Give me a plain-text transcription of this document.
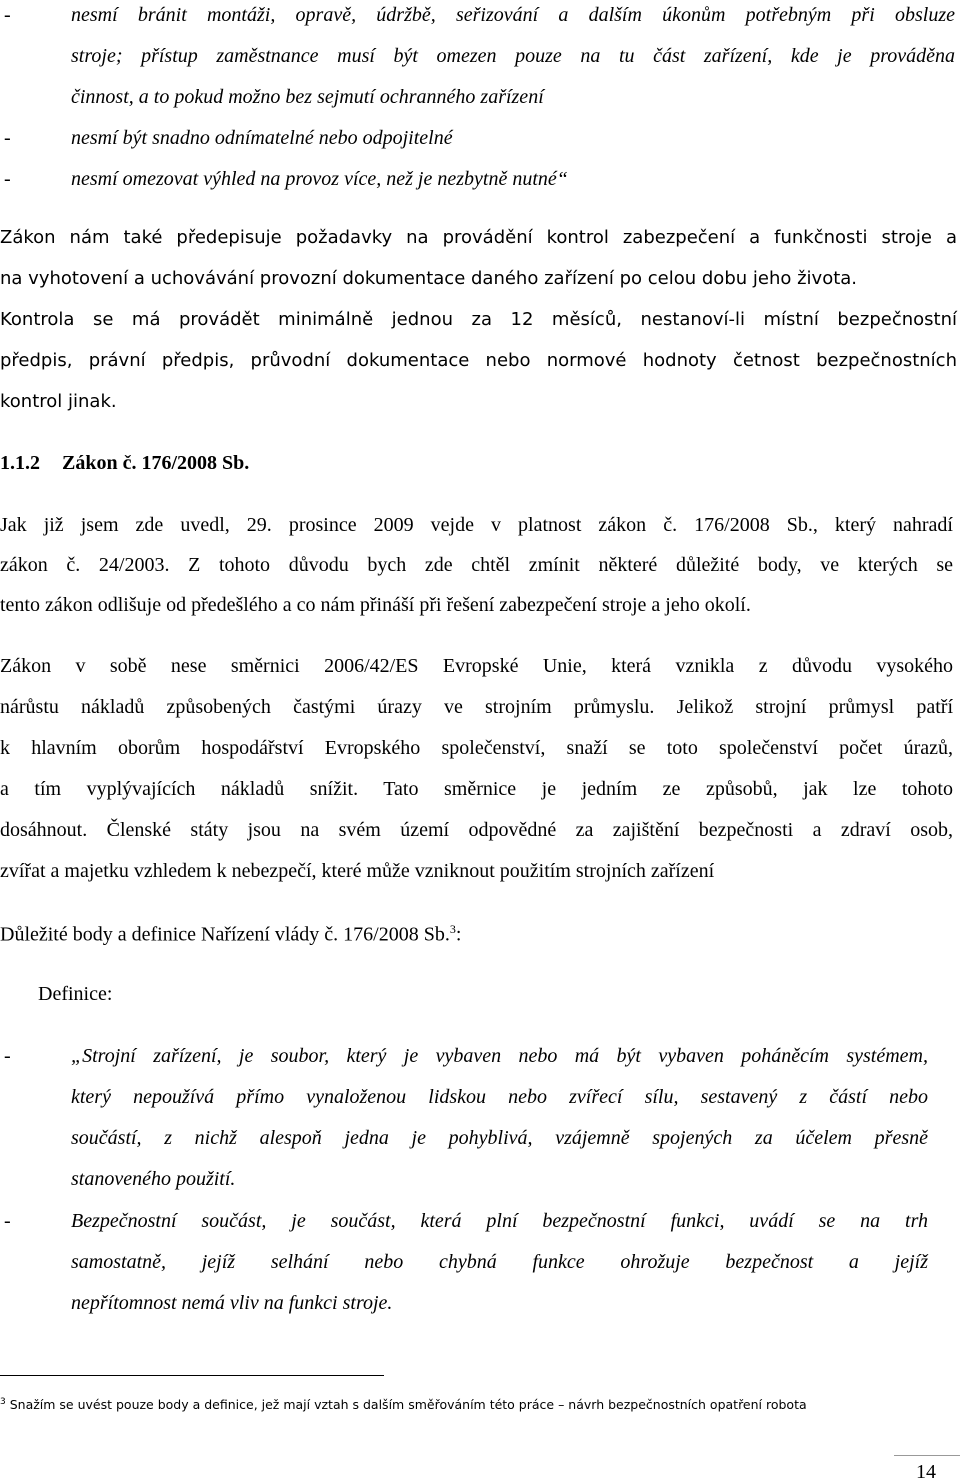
-	nesmí bránit montáži, opravě, údržbě, seřizování a dalším úkonům potřebným při obsluze
stroje; přístup zaměstnance musí být omezen pouze na tu část zařízení, kde je prováděna
činnost, a to pokud možno bez sejmutí ochranného zařízení
-	nesmí být snadno odnímatelné nebo odpojitelné
-	nesmí omezovat výhled na provoz více, než je nezbytně nutné“
Zákon nám také předepisuje požadavky na provádění kontrol zabezpečení a funkčnosti stroje a
na vyhotovení a uchovávání provozní dokumentace daného zařízení po celou dobu jeho života.
Kontrola se má provádět minimálně jednou za 12 měsíců, nestanoví-li místní bezpečnostní
předpis, právní předpis, průvodní dokumentace nebo normové hodnoty četnost bezpečnostních
kontrol jinak.
1.1.2 Zákon č. 176/2008 Sb.
Jak již jsem zde uvedl, 29. prosince 2009 vejde v platnost zákon č. 176/2008 Sb., který nahradí
zákon č. 24/2003. Z tohoto důvodu bych zde chtěl zmínit některé důležité body, ve kterých se
tento zákon odlišuje od předešlého a co nám přináší při řešení zabezpečení stroje a jeho okolí.
Zákon v sobě nese směrnici 2006/42/ES Evropské Unie, která vznikla z důvodu vysokého
nárůstu nákladů způsobených častými úrazy ve strojním průmyslu. Jelikož strojní průmysl patří
k hlavním oborům hospodářství Evropského společenství, snaží se toto společenství počet úrazů,
a tím vyplývajících nákladů snížit. Tato směrnice je jedním ze způsobů, jak lze tohoto
dosáhnout. Členské státy jsou na svém území odpovědné za zajištění bezpečnosti a zdraví osob,
zvířat a majetku vzhledem k nebezpečí, které může vzniknout použitím strojních zařízení
Důležité body a definice Nařízení vlády č. 176/2008 Sb.$^3$:
Definice:
-	„Strojní zařízení, je soubor, který je vybaven nebo má být vybaven poháněcím systémem,
který nepoužívá přímo vynaloženou lidskou nebo zvířecí sílu, sestavený z částí nebo
součástí, z nichž alespoň jedna je pohyblivá, vzájemně spojených za účelem přesně
stanoveného použití.
-	Bezpečnostní součást, je součást, která plní bezpečnostní funkci, uvádí se na trh
samostatně, jejíž selhání nebo chybná funkce ohrožuje bezpečnost a jejíž
nepřítomnost nemá vliv na funkci stroje.
$^3$ Snažím se uvést pouze body a definice, jež mají vztah s dalším směřováním této práce – návrh bezpečnostních opatření robota
14
